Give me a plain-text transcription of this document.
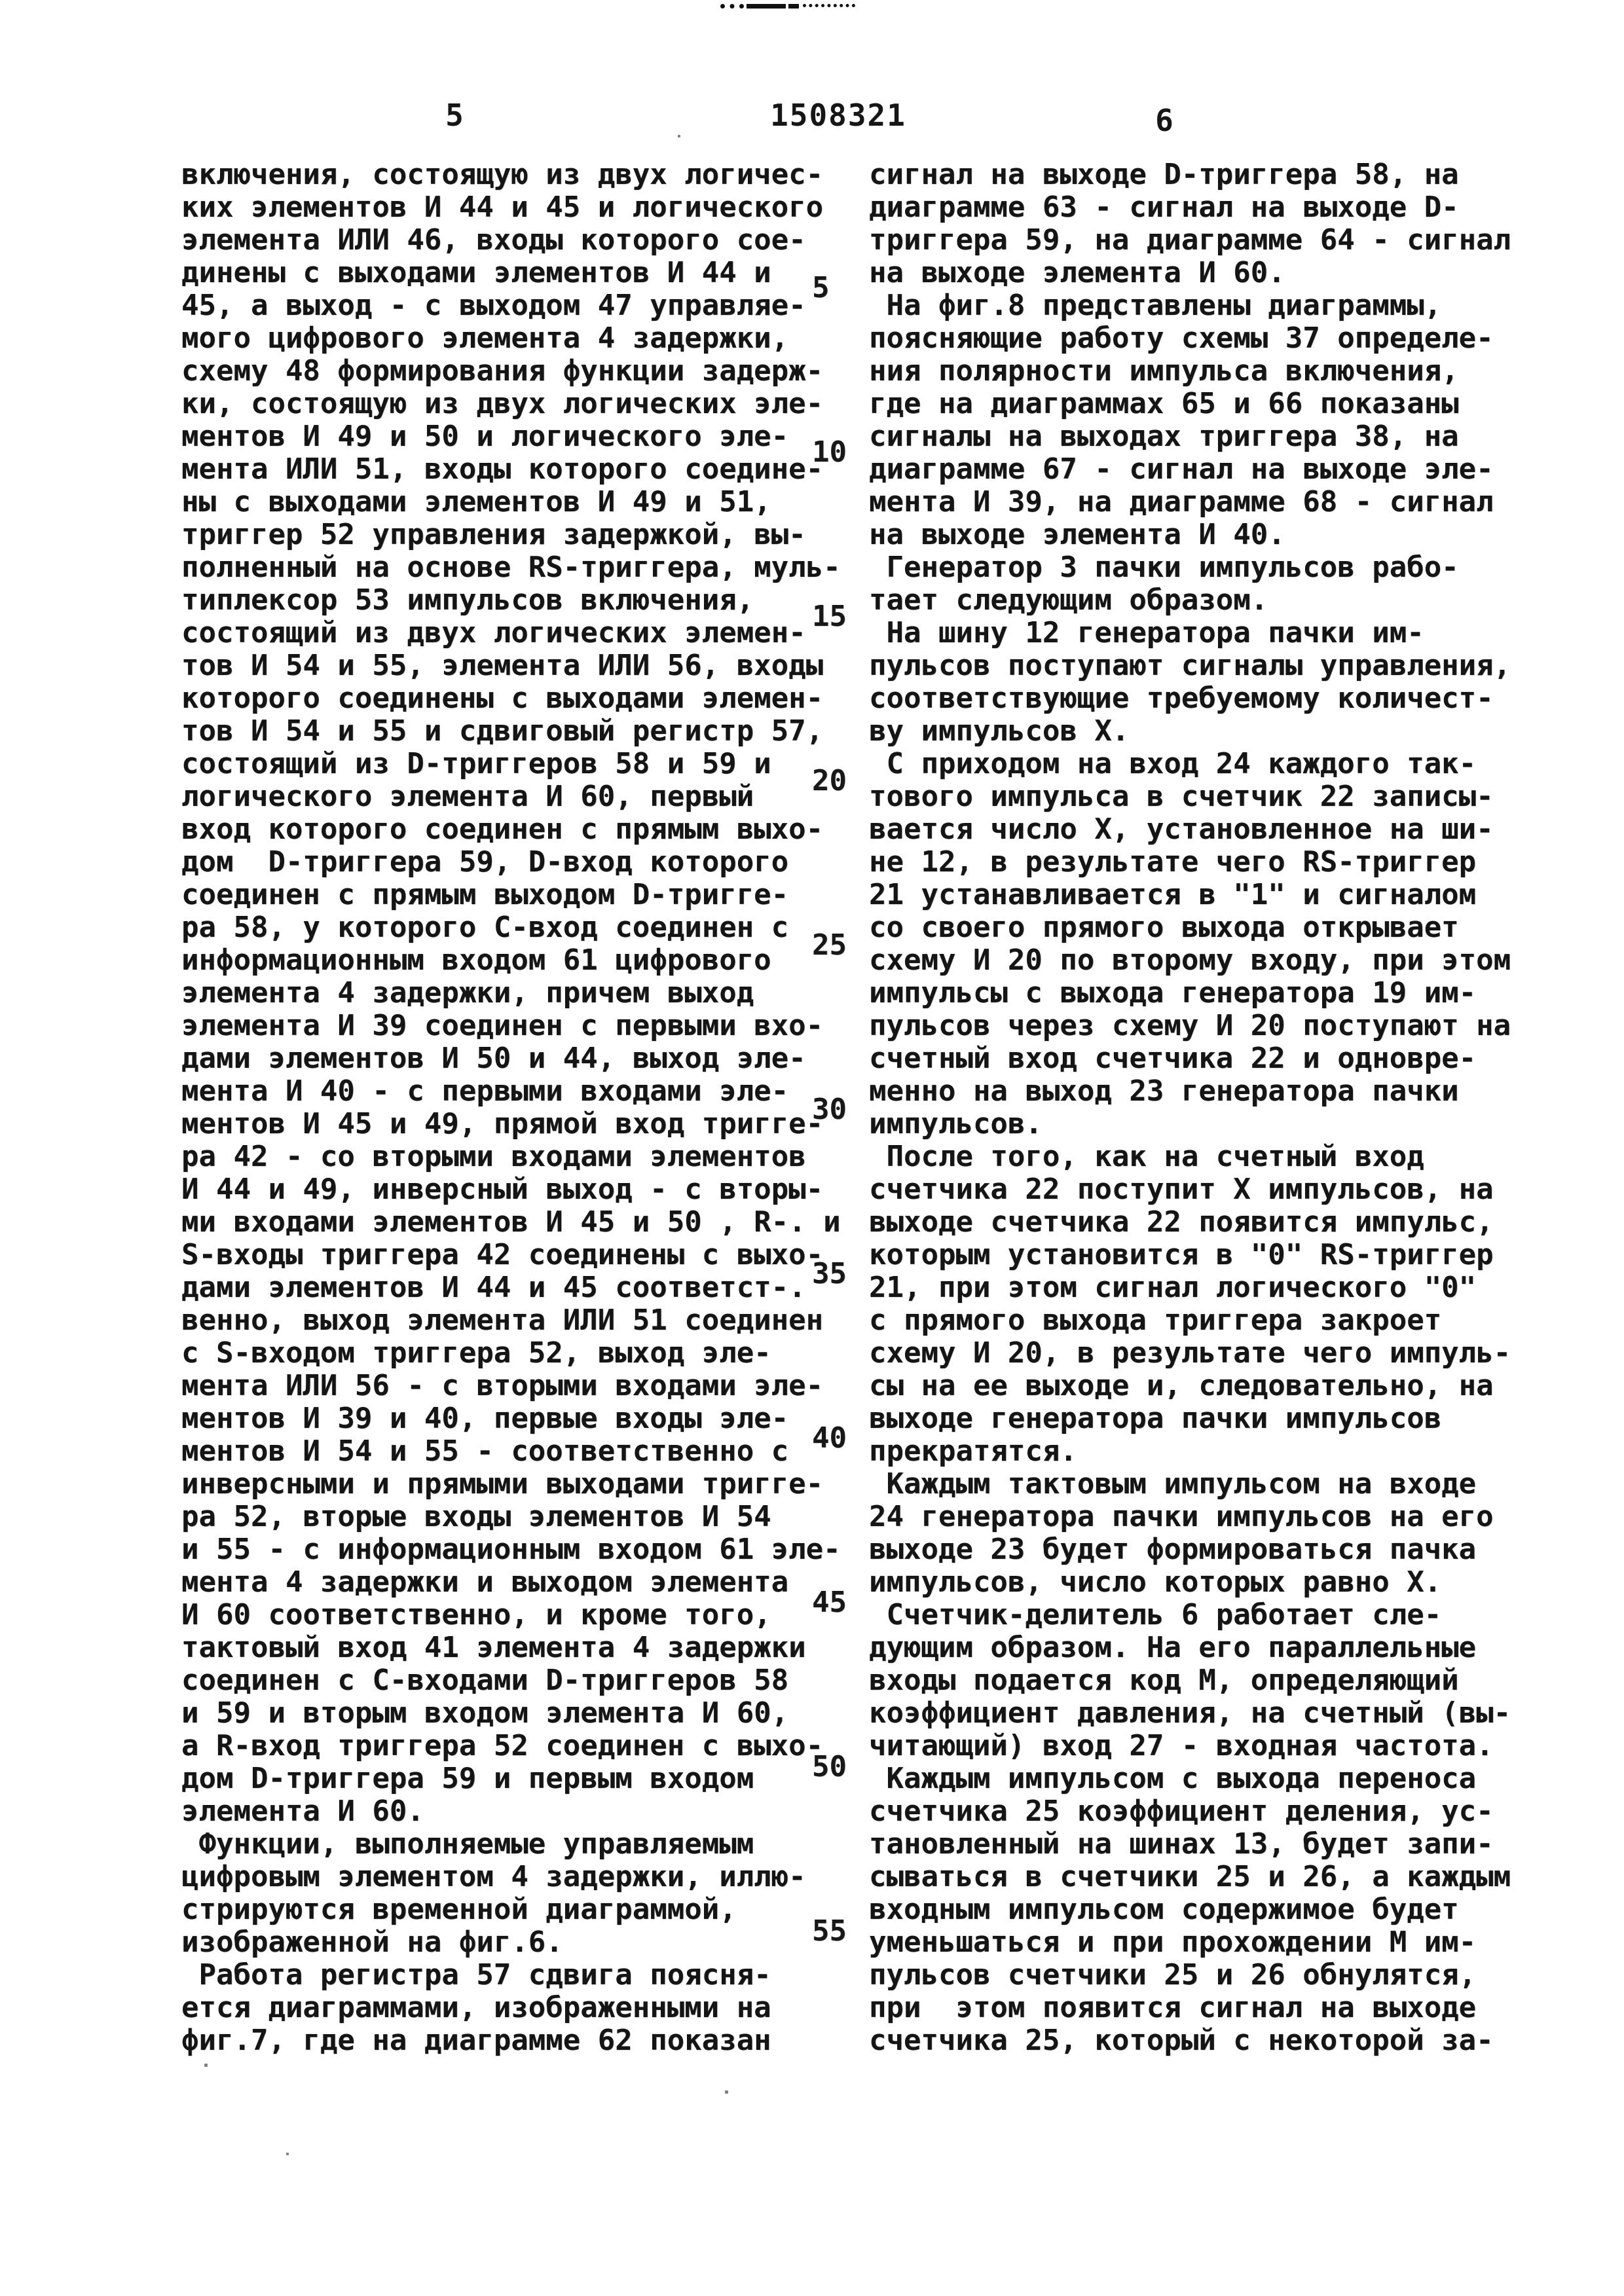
5	1508321	6
включения, состоящую из двух логичес-
ких элементов И 44 и 45 и логического
элемента ИЛИ 46, входы которого сое-
динены с выходами элементов И 44 и
45, а выход - с выходом 47 управляе-
мого цифрового элемента 4 задержки,
схему 48 формирования функции задерж-
ки, состоящую из двух логических эле-
ментов И 49 и 50 и логического эле-
мента ИЛИ 51, входы которого соедине-
ны с выходами элементов И 49 и 51,
триггер 52 управления задержкой, вы-
полненный на основе RS-триггера, муль-
типлексор 53 импульсов включения,
состоящий из двух логических элемен-
тов И 54 и 55, элемента ИЛИ 56, входы
которого соединены с выходами элемен-
тов И 54 и 55 и сдвиговый регистр 57,
состоящий из D-триггеров 58 и 59 и
логического элемента И 60, первый
вход которого соединен с прямым выхо-
дом  D-триггера 59, D-вход которого
соединен с прямым выходом D-тригге-
ра 58, у которого С-вход соединен с
информационным входом 61 цифрового
элемента 4 задержки, причем выход
элемента И 39 соединен с первыми вхо-
дами элементов И 50 и 44, выход эле-
мента И 40 - с первыми входами эле-
ментов И 45 и 49, прямой вход тригге-
ра 42 - со вторыми входами элементов
И 44 и 49, инверсный выход - с вторы-
ми входами элементов И 45 и 50 , R-. и
S-входы триггера 42 соединены с выхо-
дами элементов И 44 и 45 соответст-.
венно, выход элемента ИЛИ 51 соединен
с S-входом триггера 52, выход эле-
мента ИЛИ 56 - с вторыми входами эле-
ментов И 39 и 40, первые входы эле-
ментов И 54 и 55 - соответственно с
инверсными и прямыми выходами тригге-
ра 52, вторые входы элементов И 54
и 55 - с информационным входом 61 эле-
мента 4 задержки и выходом элемента
И 60 соответственно, и кроме того,
тактовый вход 41 элемента 4 задержки
соединен с С-входами D-триггеров 58
и 59 и вторым входом элемента И 60,
а R-вход триггера 52 соединен с выхо-
дом D-триггера 59 и первым входом
элемента И 60.
Функции, выполняемые управляемым
цифровым элементом 4 задержки, иллю-
стрируются временной диаграммой,
изображенной на фиг.6.
Работа регистра 57 сдвига поясня-
ется диаграммами, изображенными на
фиг.7, где на диаграмме 62 показан
сигнал на выходе D-триггера 58, на
диаграмме 63 - сигнал на выходе D-
триггера 59, на диаграмме 64 - сигнал
на выходе элемента И 60.
На фиг.8 представлены диаграммы,
поясняющие работу схемы 37 определе-
ния полярности импульса включения,
где на диаграммах 65 и 66 показаны
сигналы на выходах триггера 38, на
диаграмме 67 - сигнал на выходе эле-
мента И 39, на диаграмме 68 - сигнал
на выходе элемента И 40.
Генератор 3 пачки импульсов рабо-
тает следующим образом.
На шину 12 генератора пачки им-
пульсов поступают сигналы управления,
соответствующие требуемому количест-
ву импульсов X.
С приходом на вход 24 каждого так-
тового импульса в счетчик 22 записы-
вается число X, установленное на ши-
не 12, в результате чего RS-триггер
21 устанавливается в "1" и сигналом
со своего прямого выхода открывает
схему И 20 по второму входу, при этом
импульсы с выхода генератора 19 им-
пульсов через схему И 20 поступают на
счетный вход счетчика 22 и одновре-
менно на выход 23 генератора пачки
импульсов.
После того, как на счетный вход
счетчика 22 поступит X импульсов, на
выходе счетчика 22 появится импульс,
которым установится в "0" RS-триггер
21, при этом сигнал логического "0"
с прямого выхода триггера закроет
схему И 20, в результате чего импуль-
сы на ее выходе и, следовательно, на
выходе генератора пачки импульсов
прекратятся.
Каждым тактовым импульсом на входе
24 генератора пачки импульсов на его
выходе 23 будет формироваться пачка
импульсов, число которых равно X.
Счетчик-делитель 6 работает сле-
дующим образом. На его параллельные
входы подается код М, определяющий
коэффициент давления, на счетный (вы-
читающий) вход 27 - входная частота.
Каждым импульсом с выхода переноса
счетчика 25 коэффициент деления, ус-
тановленный на шинах 13, будет запи-
сываться в счетчики 25 и 26, а каждым
входным импульсом содержимое будет
уменьшаться и при прохождении М им-
пульсов счетчики 25 и 26 обнулятся,
при  этом появится сигнал на выходе
счетчика 25, который с некоторой за-
5
10
15
20
25
30
35
40
45
50
55
